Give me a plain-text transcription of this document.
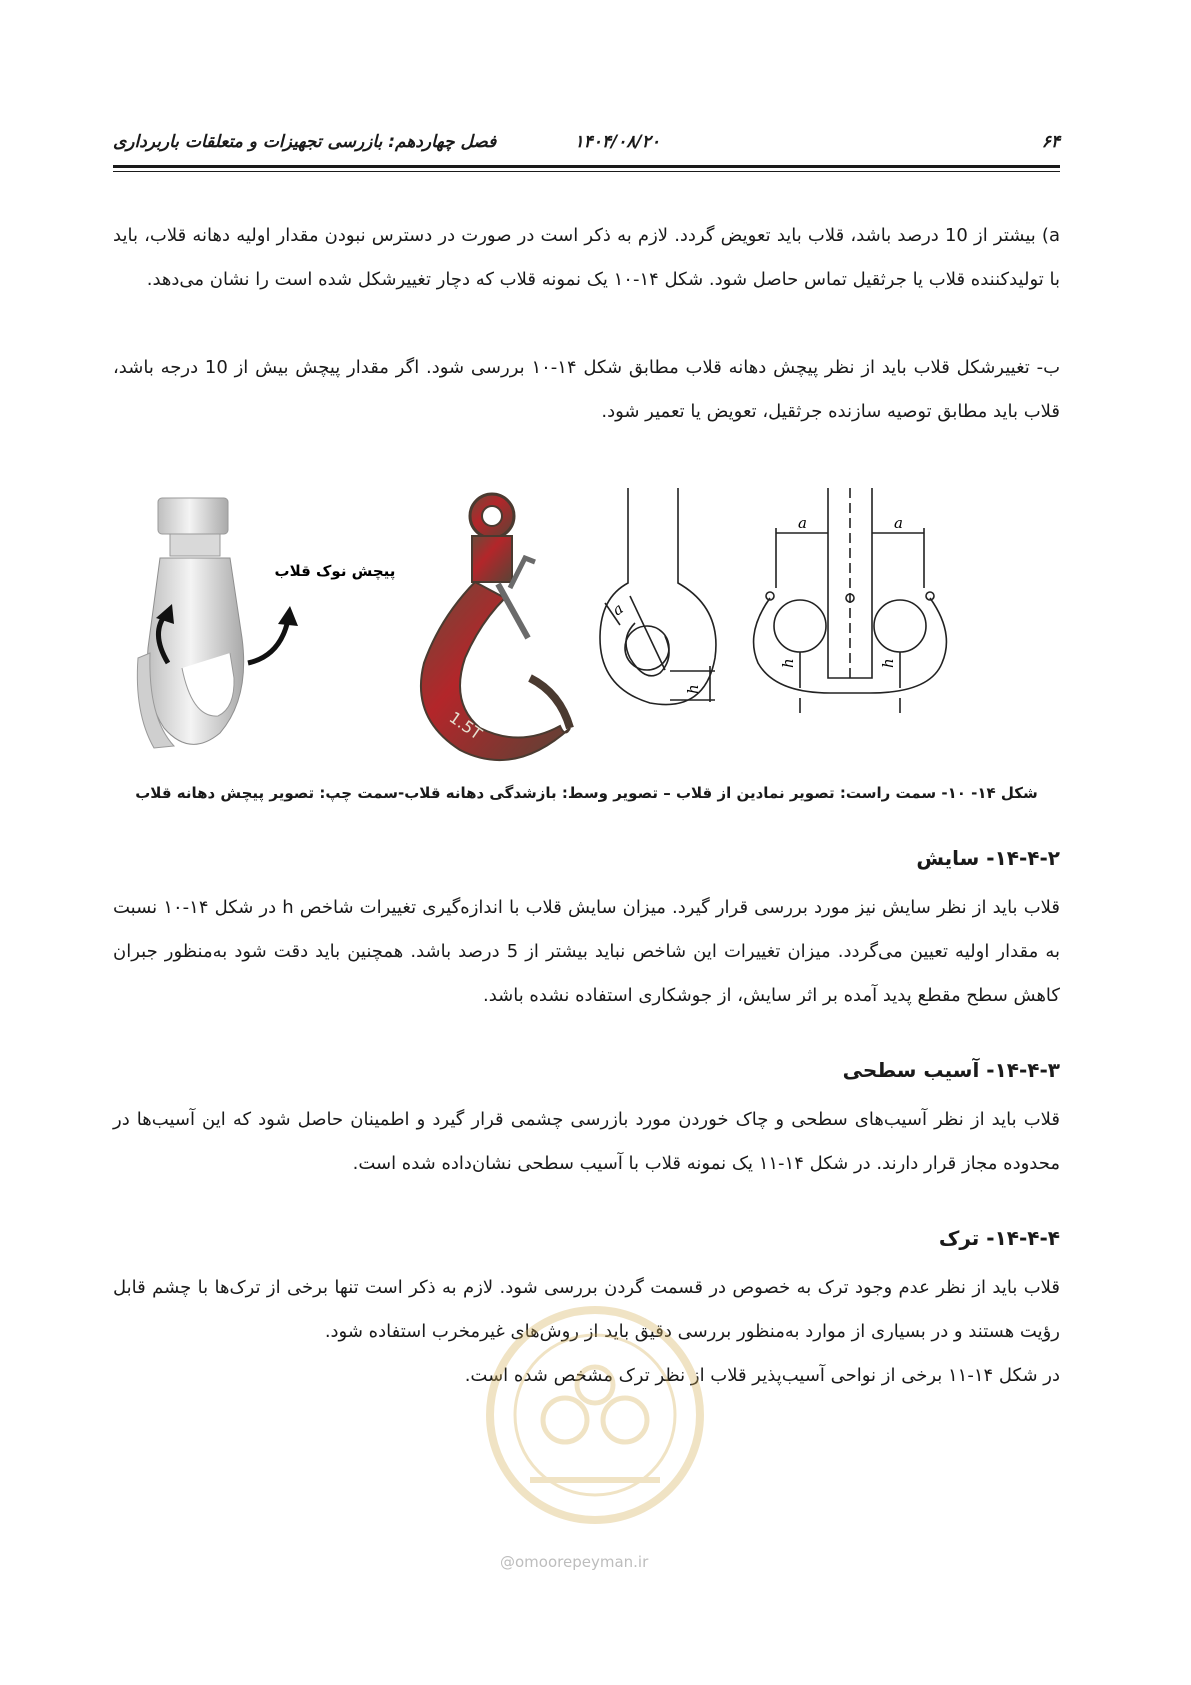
۶۴
۱۴۰۴/۰۸/۲۰
فصل چهاردهم: بازرسی تجهیزات و متعلقات باربرداری
a) بیشتر از 10 درصد باشد، قلاب باید تعویض گردد. لازم به ذکر است در صورت در دسترس نبودن مقدار اولیه دهانه قلاب، باید با تولیدکننده قلاب یا جرثقیل تماس حاصل شود. شکل ۱۴-۱۰ یک نمونه قلاب که دچار تغییرشکل شده است را نشان می‌دهد.
ب- تغییرشکل قلاب باید از نظر پیچش دهانه قلاب مطابق شکل ۱۴-۱۰ بررسی شود. اگر مقدار پیچش بیش از 10 درجه باشد، قلاب باید مطابق توصیه سازنده جرثقیل، تعویض یا تعمیر شود.
پیچش نوک قلاب
1.5T
a
h
a	a
h	h
شکل ۱۴- ۱۰- سمت راست: تصویر نمادین از قلاب – تصویر وسط: بازشدگی دهانه قلاب-سمت چپ: تصویر پیچش دهانه قلاب
۱۴-۴-۲- سایش
قلاب باید از نظر سایش نیز مورد بررسی قرار گیرد. میزان سایش قلاب با اندازه‌گیری تغییرات شاخص h در شکل ۱۴-۱۰ نسبت به مقدار اولیه تعیین می‌گردد. میزان تغییرات این شاخص نباید بیشتر از 5 درصد باشد. همچنین باید دقت شود به‌منظور جبران کاهش سطح مقطع پدید آمده بر اثر سایش، از جوشکاری استفاده نشده باشد.
۱۴-۴-۳- آسیب سطحی
قلاب باید از نظر آسیب‌های سطحی و چاک خوردن مورد بازرسی چشمی قرار گیرد و اطمینان حاصل شود که این آسیب‌ها در محدوده مجاز قرار دارند. در شکل ۱۴-۱۱ یک نمونه قلاب با آسیب سطحی نشان‌داده شده است.
۱۴-۴-۴- ترک
قلاب باید از نظر عدم وجود ترک به خصوص در قسمت گردن بررسی شود. لازم به ذکر است تنها برخی از ترک‌ها با چشم قابل رؤیت هستند و در بسیاری از موارد به‌منظور بررسی دقیق باید از روش‌های غیرمخرب استفاده شود.
در شکل ۱۴-۱۱ برخی از نواحی آسیب‌پذیر قلاب از نظر ترک مشخص شده است.
@omoorepeyman.ir
